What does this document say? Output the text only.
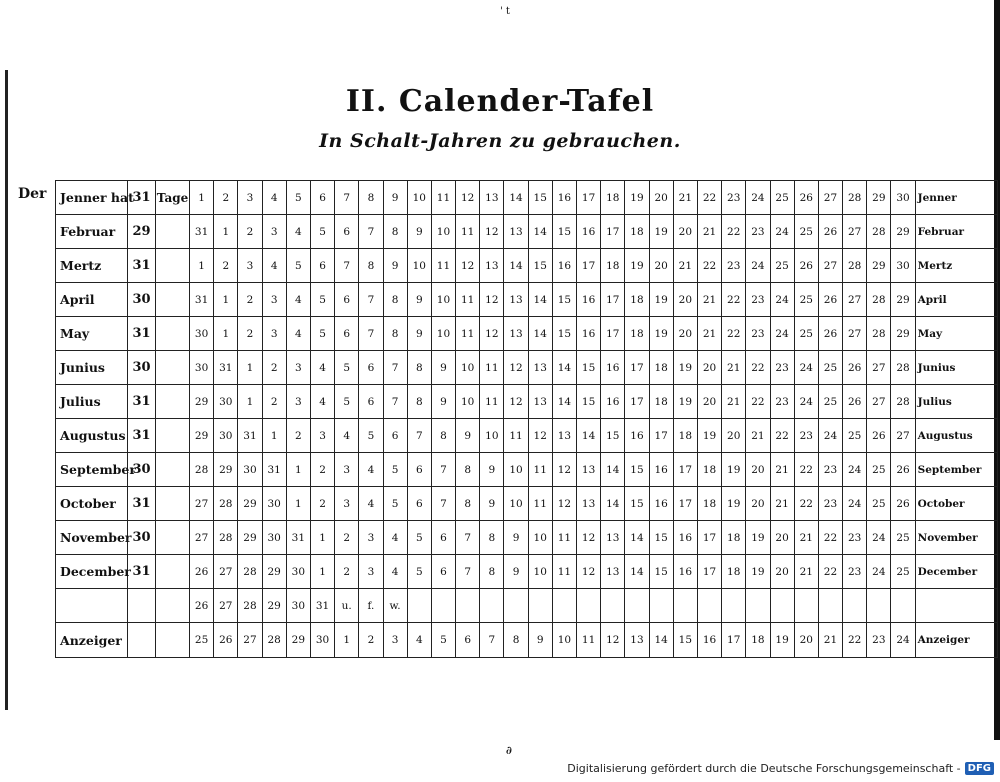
' t
II. Calender-Tafel
In Schalt-Jahren zu gebrauchen.
Der Jenner hat	31	Tage	1	2	3	4	5	6	7	8	9	10	11	12	13	14	15	16	17	18	19	20	21	22	23	24	25	26	27	28	29	30	Jenner
Februar	29		31	1	2	3	4	5	6	7	8	9	10	11	12	13	14	15	16	17	18	19	20	21	22	23	24	25	26	27	28	29	Februar
Mertz	31		1	2	3	4	5	6	7	8	9	10	11	12	13	14	15	16	17	18	19	20	21	22	23	24	25	26	27	28	29	30	Mertz
April	30		31	1	2	3	4	5	6	7	8	9	10	11	12	13	14	15	16	17	18	19	20	21	22	23	24	25	26	27	28	29	April
May	31		30	1	2	3	4	5	6	7	8	9	10	11	12	13	14	15	16	17	18	19	20	21	22	23	24	25	26	27	28	29	May
Junius	30		30	31	1	2	3	4	5	6	7	8	9	10	11	12	13	14	15	16	17	18	19	20	21	22	23	24	25	26	27	28	Junius
Julius	31		29	30	1	2	3	4	5	6	7	8	9	10	11	12	13	14	15	16	17	18	19	20	21	22	23	24	25	26	27	28	Julius
Augustus	31		29	30	31	1	2	3	4	5	6	7	8	9	10	11	12	13	14	15	16	17	18	19	20	21	22	23	24	25	26	27	Augustus
September	30		28	29	30	31	1	2	3	4	5	6	7	8	9	10	11	12	13	14	15	16	17	18	19	20	21	22	23	24	25	26	September
October	31		27	28	29	30	1	2	3	4	5	6	7	8	9	10	11	12	13	14	15	16	17	18	19	20	21	22	23	24	25	26	October
November	30		27	28	29	30	31	1	2	3	4	5	6	7	8	9	10	11	12	13	14	15	16	17	18	19	20	21	22	23	24	25	November
December	31		26	27	28	29	30	1	2	3	4	5	6	7	8	9	10	11	12	13	14	15	16	17	18	19	20	21	22	23	24	25	December
			26	27	28	29	30	31	u.	f.	w.																						
Anzeiger			25	26	27	28	29	30	1	2	3	4	5	6	7	8	9	10	11	12	13	14	15	16	17	18	19	20	21	22	23	24	Anzeiger
∂
Digitalisierung gefördert durch die Deutsche Forschungsgemeinschaft - DFG
